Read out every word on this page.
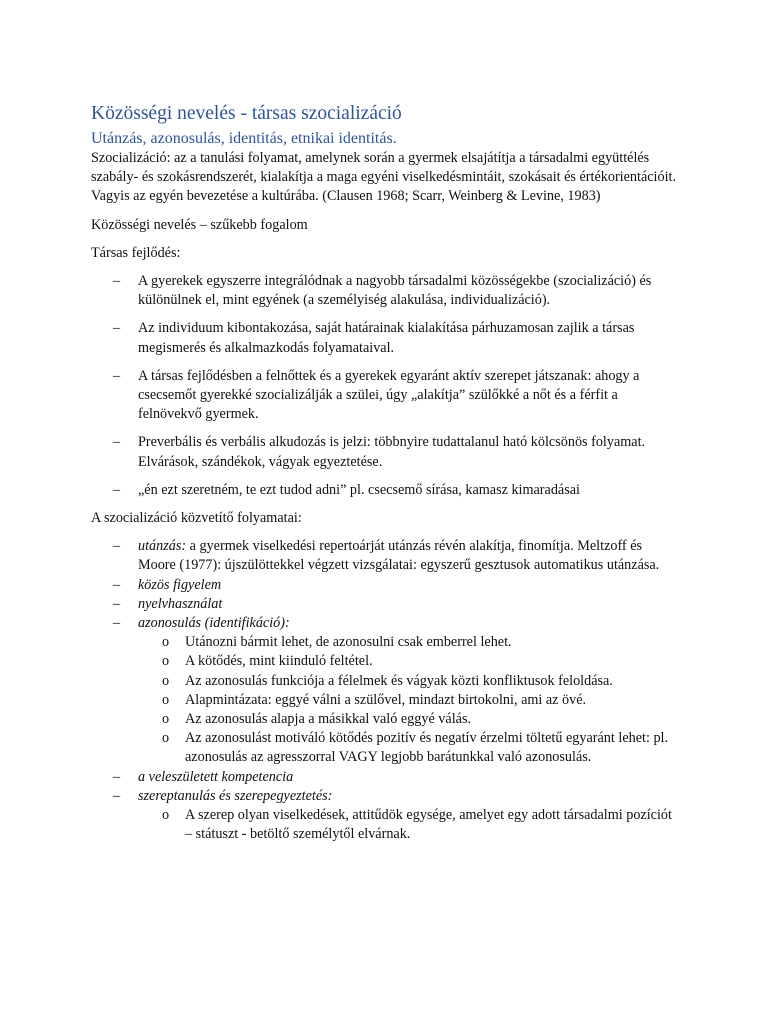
Közösségi nevelés - társas szocializáció
Utánzás, azonosulás, identitás, etnikai identitás.

Szocializáció: az a tanulási folyamat, amelynek során a gyermek elsajátítja a társadalmi együttélés szabály- és szokásrendszerét, kialakítja a maga egyéni viselkedésmintáit, szokásait és értékorientációit. Vagyis az egyén bevezetése a kultúrába. (Clausen 1968; Scarr, Weinberg & Levine, 1983)

Közösségi nevelés – szűkebb fogalom

Társas fejlődés:

– A gyerekek egyszerre integrálódnak a nagyobb társadalmi közösségekbe (szocializáció) és különülnek el, mint egyének (a személyiség alakulása, individualizáció).
– Az individuum kibontakozása, saját határainak kialakítása párhuzamosan zajlik a társas megismerés és alkalmazkodás folyamataival.
– A társas fejlődésben a felnőttek és a gyerekek egyaránt aktív szerepet játszanak: ahogy a csecsemőt gyerekké szocializálják a szülei, úgy „alakítja” szülőkké a nőt és a férfit a felnövekvő gyermek.
– Preverbális és verbális alkudozás is jelzi: többnyire tudattalanul ható kölcsönös folyamat. Elvárások, szándékok, vágyak egyeztetése.
– „én ezt szeretném, te ezt tudod adni” pl. csecsemő sírása, kamasz kimaradásai

A szocializáció közvetítő folyamatai:

– utánzás: a gyermek viselkedési repertoárját utánzás révén alakítja, finomítja. Meltzoff és Moore (1977): újszülöttekkel végzett vizsgálatai: egyszerű gesztusok automatikus utánzása.
– közös figyelem
– nyelvhasználat
– azonosulás (identifikáció):
o Utánozni bármit lehet, de azonosulni csak emberrel lehet.
o A kötődés, mint kiinduló feltétel.
o Az azonosulás funkciója a félelmek és vágyak közti konfliktusok feloldása.
o Alapmintázata: eggyé válni a szülővel, mindazt birtokolni, ami az övé.
o Az azonosulás alapja a másikkal való eggyé válás.
o Az azonosulást motiváló kötődés pozitív és negatív érzelmi töltetű egyaránt lehet: pl. azonosulás az agresszorral VAGY legjobb barátunkkal való azonosulás.
– a veleszületett kompetencia
– szereptanulás és szerepegyeztetés:
o A szerep olyan viselkedések, attitűdök egysége, amelyet egy adott társadalmi pozíciót – státuszt - betöltő személytől elvárnak.
